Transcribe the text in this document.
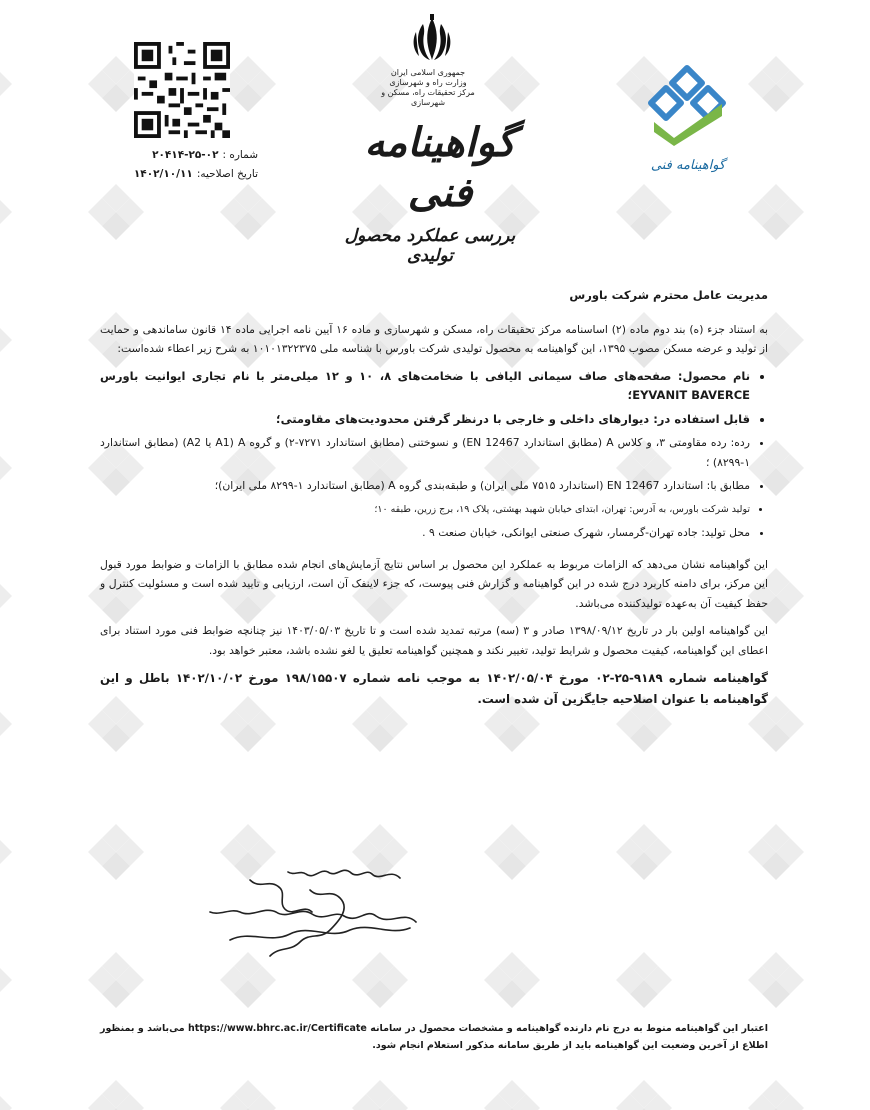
شماره :۰۲-۲۵-۲۰۴۱۴
تاریخ اصلاحیه:۱۴۰۲/۱۰/۱۱
جمهوری اسلامی ایران
وزارت راه و شهرسازی
مرکز تحقیقات راه، مسکن و شهرسازی
گواهینامه فنی
بررسی عملکرد محصول تولیدی
گواهینامه فنی
مدیریت عامل محترم شرکت باورس
به استناد جزء (ه) بند دوم ماده (۲) اساسنامه مرکز تحقیقات راه، مسکن و شهرسازی و ماده ۱۶ آیین نامه اجرایی ماده ۱۴ قانون ساماندهی و حمایت از تولید و عرضه مسکن مصوب ۱۳۹۵، این گواهینامه به محصول تولیدی شرکت باورس با شناسه ملی ۱۰۱۰۱۳۲۲۳۷۵ به شرح زیر اعطاء شده‌است:
• نام محصول: صفحه‌های صاف سیمانی الیافی با ضخامت‌های ۸، ۱۰ و ۱۲ میلی‌متر با نام تجاری ایوانیت باورس EYVANIT BAVERCE؛
• قابل استفاده در: دیوارهای داخلی و خارجی با درنظر گرفتن محدودیت‌های مقاومتی؛
• رده: رده مقاومتی ۳، و کلاس A (مطابق استاندارد EN 12467) و نسوختنی (مطابق استاندارد ۷۲۷۱-۲) و گروه A (A1 یا A2) (مطابق استاندارد ۱-۸۲۹۹) ؛
• مطابق با: استاندارد EN 12467 (استاندارد ۷۵۱۵ ملی ایران) و طبقه‌بندی گروه A (مطابق استاندارد ۱-۸۲۹۹ ملی ایران)؛
• تولید شرکت باورس، به آدرس: تهران، ابتدای خیابان شهید بهشتی، پلاک ۱۹، برج زرین، طبقه ۱۰؛
• محل تولید: جاده تهران-گرمسار، شهرک صنعتی ایوانکی، خیابان صنعت ۹ .
این گواهینامه نشان می‌دهد که الزامات مربوط به عملکرد این محصول بر اساس نتایج آزمایش‌های انجام شده مطابق با الزامات و ضوابط مورد قبول این مرکز، برای دامنه کاربرد درج شده در این گواهینامه و گزارش فنی پیوست، که جزء لاینفک آن است، ارزیابی و تایید شده است و مسئولیت کنترل و حفظ کیفیت آن به‌عهده تولیدکننده می‌باشد.
این گواهینامه اولین بار در تاریخ ۱۳۹۸/۰۹/۱۲ صادر و ۳ (سه) مرتبه تمدید شده است و تا تاریخ ۱۴۰۳/۰۵/۰۳ نیز چنانچه ضوابط فنی مورد استناد برای اعطای این گواهینامه، کیفیت محصول و شرایط تولید، تغییر نکند و همچنین گواهینامه تعلیق یا لغو نشده باشد، معتبر خواهد بود.
گواهینامه شماره ۹۱۸۹-۲۵-۰۲ مورخ ۱۴۰۲/۰۵/۰۴ به موجب نامه شماره ۱۹۸/۱۵۵۰۷ مورخ ۱۴۰۲/۱۰/۰۲ باطل و این گواهینامه با عنوان اصلاحیه جایگزین آن شده است.
اعتبار این گواهینامه منوط به درج نام دارنده گواهینامه و مشخصات محصول در سامانه https://www.bhrc.ac.ir/Certificate می‌باشد و بمنظور اطلاع از آخرین وضعیت این گواهینامه باید از طریق سامانه مذکور استعلام انجام شود.
